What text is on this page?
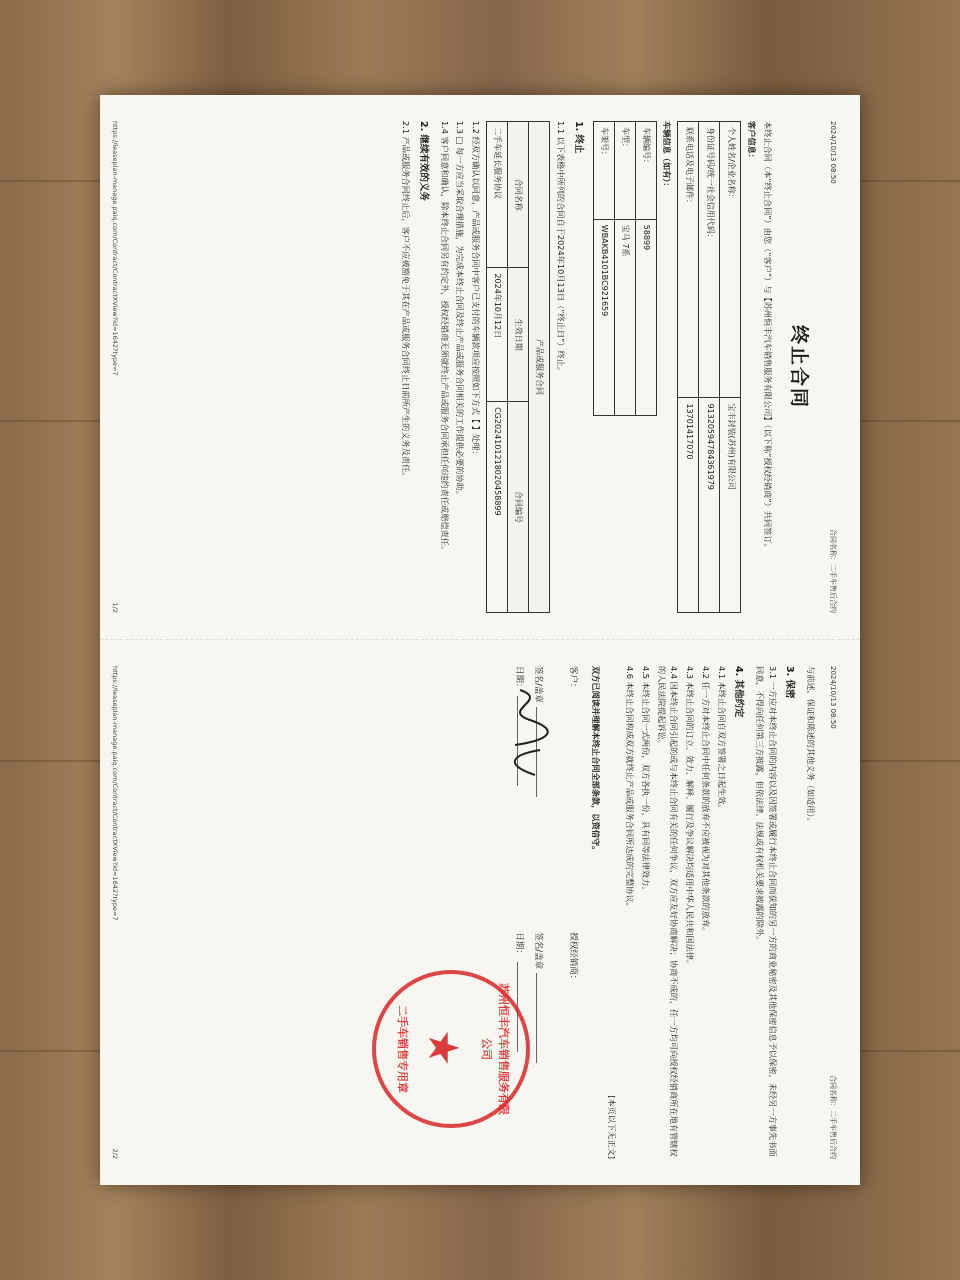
2024/10/13 08:50
合同名称：二手车售后合约
终止合同
本终止合同（本“终止合同”）由您（“客户”）与【苏州恒丰汽车销售服务有限公司】（以下称“授权经销商”）共同签订。
客户信息：
个人姓名/企业名称：	宝丰封装(苏州)有限公司
身份证号码/统一社会信用代码：	91320594784361979
联系电话及电子邮件：	13701417070
车辆信息（如有）：
车辆编号：	58899
车型：	宝马 7系
车架号：	WBAKB4101BC921659
1. 终止
1.1 以下表格中所列的合同自于2024年10月13日（“终止日”）终止。
产品或服务合同		
合同名称	生效日期	合同编号
二手车延长服务协议	2024年10月12日	CG2024101218020458899
1.2 经双方确认以同意，产品或服务合同中客户已支付的车辆款项应按照如下方式【 】处理：
1.3 □ 每一方应当采取合理措施，为完成本终止合同及终止产品或服务合同相关的工作提供必要的协助。
1.4 客户同意和确认，除本终止合同另有约定外，授权经销商无须就终止产品或服务合同承担任何违约责任或赔偿责任。
2. 继续有效的义务
2.1 产品或服务合同终止后，客户不应被豁免于其在产品或服务合同终止日前所产生的义务及责任。
https://leaseplan-manage.paiq.com/Contract/ContractXView?id=1642?type=7
1/2
2024/10/13 08:50
合同名称：二手车售后合约
与前述，保证和陈述的其他义务（如适用）。
3. 保密
3.1 一方应对本终止合同的内容以及因签署或履行本终止合同而获知的另一方的商业秘密及其他保密信息予以保密，未经另一方事先书面同意，不得向任何第三方披露，但依法律、法规或有权机关要求披露的除外。
4. 其他约定
4.1 本终止合同自双方签署之日起生效。
4.2 任一方对本终止合同中任何条款的放弃不应被视为对其他条款的放弃。
4.3 本终止合同的订立、效力、解释、履行及争议解决均适用中华人民共和国法律。
4.4 因本终止合同引起的或与本终止合同有关的任何争议，双方应友好协商解决；协商不成的，任一方均可向授权经销商所在地有管辖权的人民法院提起诉讼。
4.5 本终止合同一式两份，双方各执一份，具有同等法律效力。
4.6 本终止合同构成双方就终止产品或服务合同所达成的完整协议。
[本页以下无正文]
双方已阅读并理解本终止合同全部条款，以资信守。
客户：
签名/盖章
日期：
授权经销商：
签名/盖章
日期：
苏州恒丰汽车销售服务有限公司
★
二手车销售专用章
https://leaseplan-manage.paiq.com/Contract/ContractXView?id=1642?type=7
2/2
